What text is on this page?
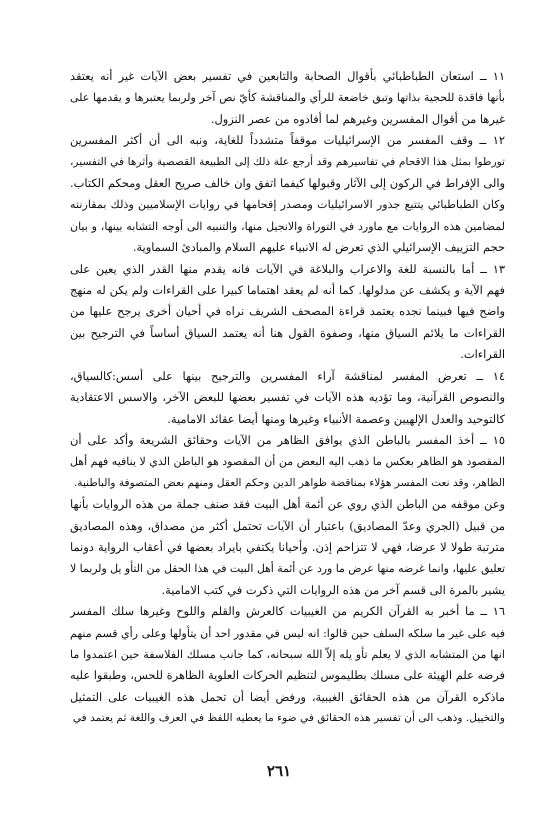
١١ ــ استعان الطباطبائي بأقوال الصحابة والتابعين في تفسير بعض الآيات غير أنه يعتقد
بأنها فاقدة للحجية بذاتها وتبق خاضعة للرأي والمناقشة كأيّ نص آخر ولربما يعتبرها و يقدمها على
غيرها من أقوال المفسرين وغيرهم لما أفادوه من عصر النزول.
١٢ ــ وقف المفسر من الإسرائيليات موقفاً متشدداً للغاية، ونبه الى أن أكثر المفسرين
تورطوا بمثل هذا الاقحام في تفاسيرهم وقد أرجع علة ذلك إلى الطبيعة القصصية وأثرها في التفسير،
والى الإفراط في الركون إلى الآثار وقبولها كيفما اتفق وان خالف صريح العقل ومحكم الكتاب.
وكان الطباطبائي يتتبع جذور الاسرائيليات ومصدر إقحامها في روايات الإسلاميين وذلك بمقارنته
لمضامين هذه الروايات مع ماورد في التوراة والانجيل منها، والتنبيه الى أوجه التشابه بينها، و بيان
حجم التزييف الإسرائيلي الذي تعرض له الانبياء عليهم السلام والمبادئ السماوية.
١٣ ــ أما بالنسبة للغة والاعراب والبلاغة في الآيات فانه يقدم منها القدر الذي يعين على
فهم الآية و يكشف عن مدلولها. كما أنه لم يعقد اهتماما كبيرا على القراءات ولم يكن له منهج
واضح فيها فبينما نجده يعتمد قراءة المصحف الشريف نراه في أحيان أخرى يرجح عليها من
القراءات ما يلائم السياق منها، وصفوة القول هنا أنه يعتمد السياق أساساً في الترجيح بين
القراءات.
١٤ ــ تعرض المفسر لمناقشة آراء المفسرين والترجيح بينها على أسس:كالسياق،
والنصوص القرآنية، وما تؤديه هذه الآيات في تفسير بعضها للبعض الآخر، والاسس الاعتقادية
كالتوحيد والعدل الإلهيين وعصمة الأنبياء وغيرها ومنها أيضا عقائد الامامية.
١٥ ــ أخذ المفسر بالباطن الذي يوافق الظاهر من الآيات وحقائق الشريعة وأكد على أن
المقصود هو الظاهر بعكس ما ذهب اليه البعض من أن المقصود هو الباطن الذي لا ينافيه فهم أهل
الظاهر، وقد نعت المفسر هؤلاء بمناقضة ظواهر الدين وحكم العقل ومنهم بعض المتصوفة والباطنية.
وعن موقفه من الباطن الذي روي عن أئمة أهل البيت فقد صنف جملة من هذه الروايات بأنها
من قبيل (الجري وعدّ المصاديق) باعتبار أن الآيات تحتمل أكثر من مصداق، وهذه المصاديق
مترتبة طولا لا عرضا، فهي لا تتزاحم إذن. وأحيانا يكتفي بايراد بعضها في أعقاب الرواية دونما
تعليق عليها، وانما غرضه منها عرض ما ورد عن أئمة أهل البيت في هذا الحقل من التأو يل ولربما لا
يشير بالمرة الى قسم آخر من هذه الروايات التي ذكرت في كتب الامامية.
١٦ ــ ما أخبر به القرآن الكريم من الغيبيات كالعرش والقلم واللوح وغيرها سلك المفسر
فيه على غير ما سلكه السلف حين قالوا: انه ليس في مقدور احد أن يتأولها وعلى رأي قسم منهم
انها من المتشابه الذي لا يعلم تأو يله إلاّ الله سبحانه، كما جانب مسلك الفلاسفة حين اعتمدوا ما
فرضه علم الهيئة على مسلك بطليموس لتنظيم الحركات العلوية الظاهرة للحس، وطبقوا عليه
ماذكره القرآن من هذه الحقائق الغيبية، ورفض أيضا أن تحمل هذه الغيبيات على التمثيل
والتخييل. وذهب الى أن تفسير هذه الحقائق في ضوء ما يعطيه اللفظ في العرف واللغة ثم يعتمد في
٢٦١
